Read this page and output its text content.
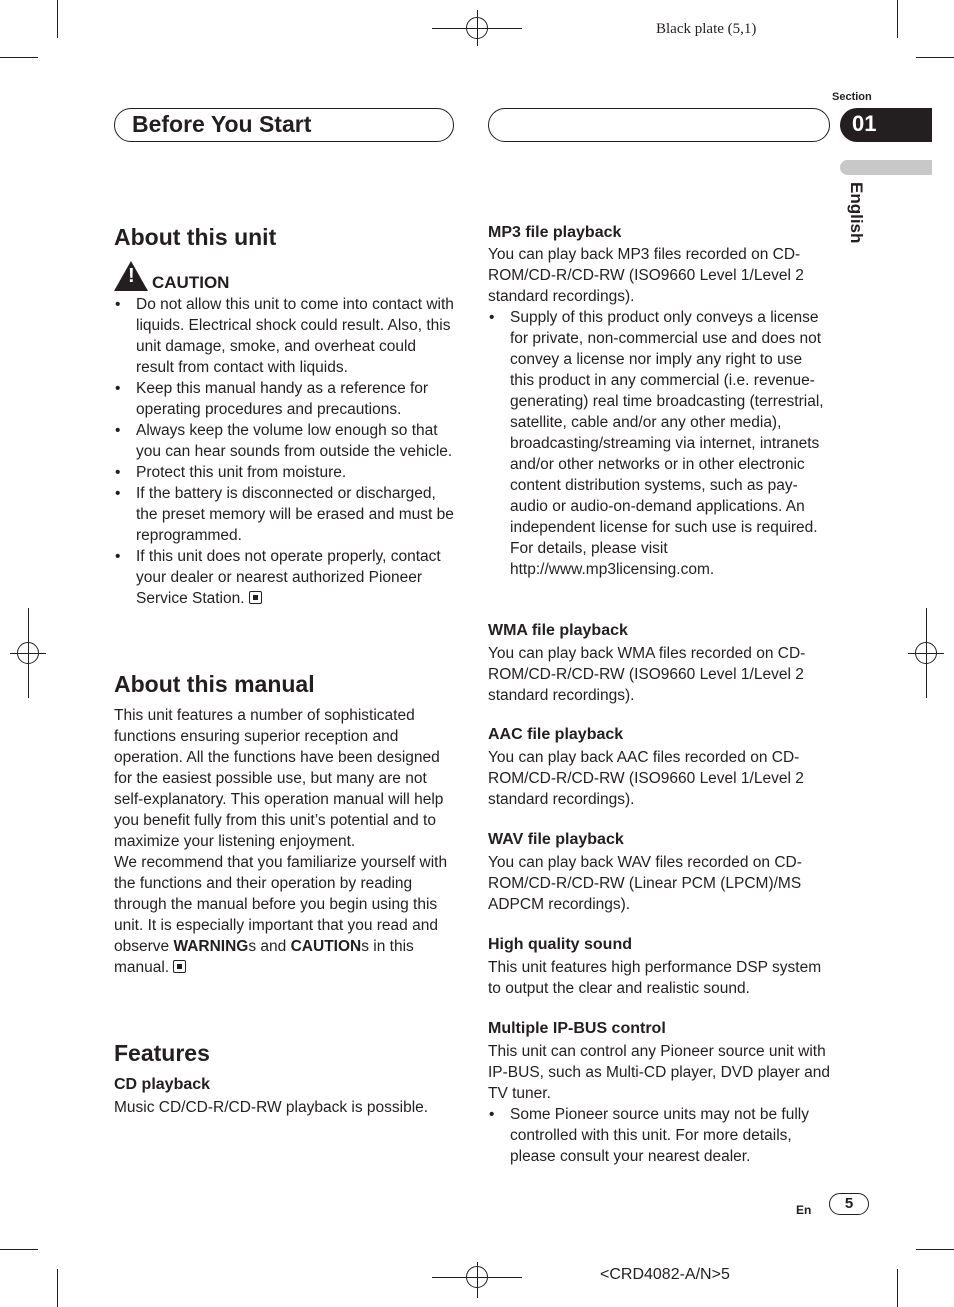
Black plate (5,1)
Before You Start
Section
01
English
About this unit
! CAUTION
• Do not allow this unit to come into contact with liquids. Electrical shock could result. Also, this unit damage, smoke, and overheat could result from contact with liquids.
• Keep this manual handy as a reference for operating procedures and precautions.
• Always keep the volume low enough so that you can hear sounds from outside the vehicle.
• Protect this unit from moisture.
• If the battery is disconnected or discharged, the preset memory will be erased and must be reprogrammed.
• If this unit does not operate properly, contact your dealer or nearest authorized Pioneer Service Station.
About this manual

This unit features a number of sophisticated functions ensuring superior reception and operation. All the functions have been designed for the easiest possible use, but many are not self-explanatory. This operation manual will help you benefit fully from this unit’s potential and to maximize your listening enjoyment.

We recommend that you familiarize yourself with the functions and their operation by reading through the manual before you begin using this unit. It is especially important that you read and observe WARNINGs and CAUTIONs in this manual.

Features
CD playback
Music CD/CD-R/CD-RW playback is possible.
MP3 file playback

You can play back MP3 files recorded on CD-ROM/CD-R/CD-RW (ISO9660 Level 1/Level 2 standard recordings).

• Supply of this product only conveys a license for private, non-commercial use and does not convey a license nor imply any right to use this product in any commercial (i.e. revenue-generating) real time broadcasting (terrestrial, satellite, cable and/or any other media), broadcasting/streaming via internet, intranets and/or other networks or in other electronic content distribution systems, such as pay-audio or audio-on-demand applications. An independent license for such use is required. For details, please visit
http://www.mp3licensing.com.
WMA file playback
You can play back WMA files recorded on CD-ROM/CD-R/CD-RW (ISO9660 Level 1/Level 2 standard recordings).
AAC file playback
You can play back AAC files recorded on CD-ROM/CD-R/CD-RW (ISO9660 Level 1/Level 2 standard recordings).
WAV file playback
You can play back WAV files recorded on CD-ROM/CD-R/CD-RW (Linear PCM (LPCM)/MS ADPCM recordings).
High quality sound
This unit features high performance DSP system to output the clear and realistic sound.
Multiple IP-BUS control

This unit can control any Pioneer source unit with IP-BUS, such as Multi-CD player, DVD player and TV tuner.

• Some Pioneer source units may not be fully controlled with this unit. For more details, please consult your nearest dealer.
En	5
<CRD4082-A/N>5
